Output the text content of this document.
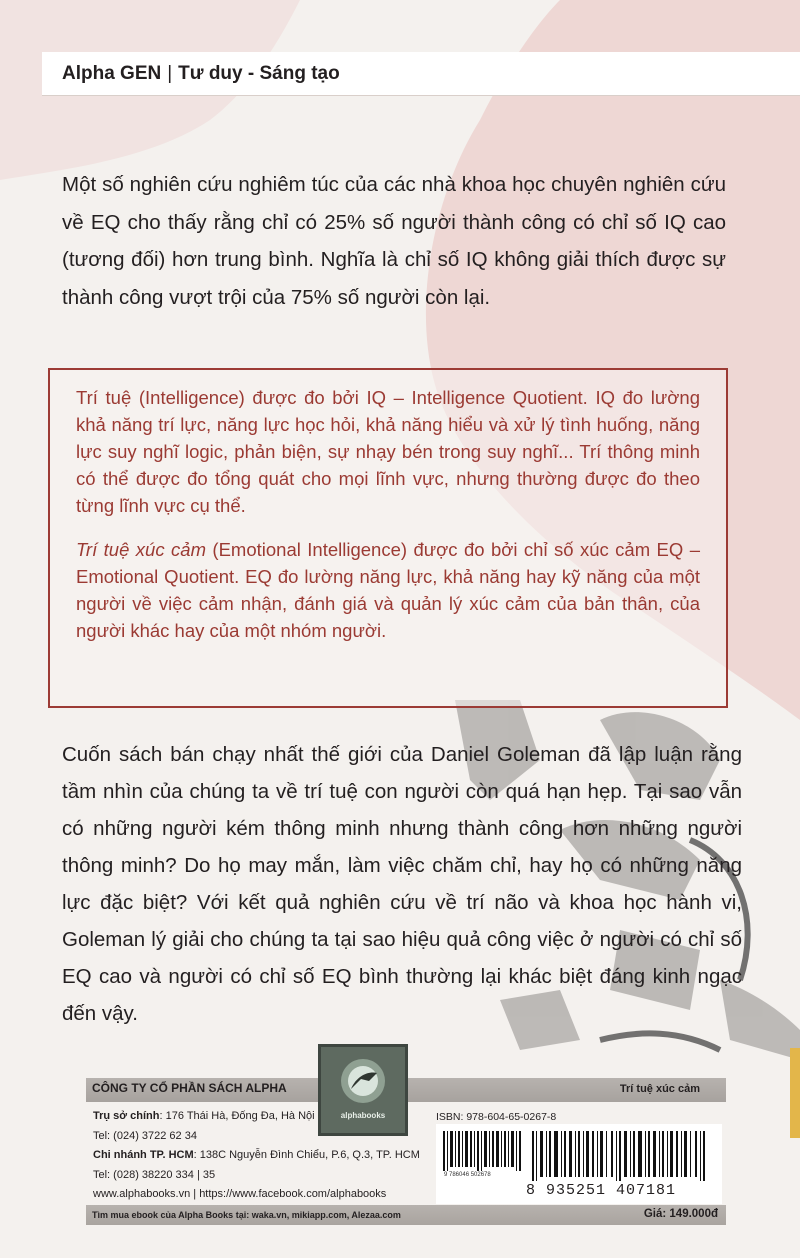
Alpha GEN | Tư duy - Sáng tạo
Một số nghiên cứu nghiêm túc của các nhà khoa học chuyên nghiên cứu về EQ cho thấy rằng chỉ có 25% số người thành công có chỉ số IQ cao (tương đối) hơn trung bình. Nghĩa là chỉ số IQ không giải thích được sự thành công vượt trội của 75% số người còn lại.

Trí tuệ (Intelligence) được đo bởi IQ – Intelligence Quotient. IQ đo lường khả năng trí lực, năng lực học hỏi, khả năng hiểu và xử lý tình huống, năng lực suy nghĩ logic, phản biện, sự nhạy bén trong suy nghĩ... Trí thông minh có thể được đo tổng quát cho mọi lĩnh vực, nhưng thường được đo theo từng lĩnh vực cụ thể.

Trí tuệ xúc cảm (Emotional Intelligence) được đo bởi chỉ số xúc cảm EQ – Emotional Quotient. EQ đo lường năng lực, khả năng hay kỹ năng của một người về việc cảm nhận, đánh giá và quản lý xúc cảm của bản thân, của người khác hay của một nhóm người.

Cuốn sách bán chạy nhất thế giới của Daniel Goleman đã lập luận rằng tầm nhìn của chúng ta về trí tuệ con người còn quá hạn hẹp. Tại sao vẫn có những người kém thông minh nhưng thành công hơn những người thông minh? Do họ may mắn, làm việc chăm chỉ, hay họ có những năng lực đặc biệt? Với kết quả nghiên cứu về trí não và khoa học hành vi, Goleman lý giải cho chúng ta tại sao hiệu quả công việc ở người có chỉ số EQ cao và người có chỉ số EQ bình thường lại khác biệt đáng kinh ngạc đến vậy.
CÔNG TY CỔ PHẦN SÁCH ALPHA	Trí tuệ xúc cảm
alphabooks
Trụ sở chính: 176 Thái Hà, Đống Đa, Hà Nội
Tel: (024) 3722 62 34
Chi nhánh TP. HCM: 138C Nguyễn Đình Chiểu, P.6, Q.3, TP. HCM
Tel: (028) 38220 334 | 35
www.alphabooks.vn | https://www.facebook.com/alphabooks
ISBN: 978-604-65-0267-8
9 786046 502678
8 935251 407181
Tìm mua ebook của Alpha Books tại: waka.vn, mikiapp.com, Alezaa.com	Giá: 149.000đ
